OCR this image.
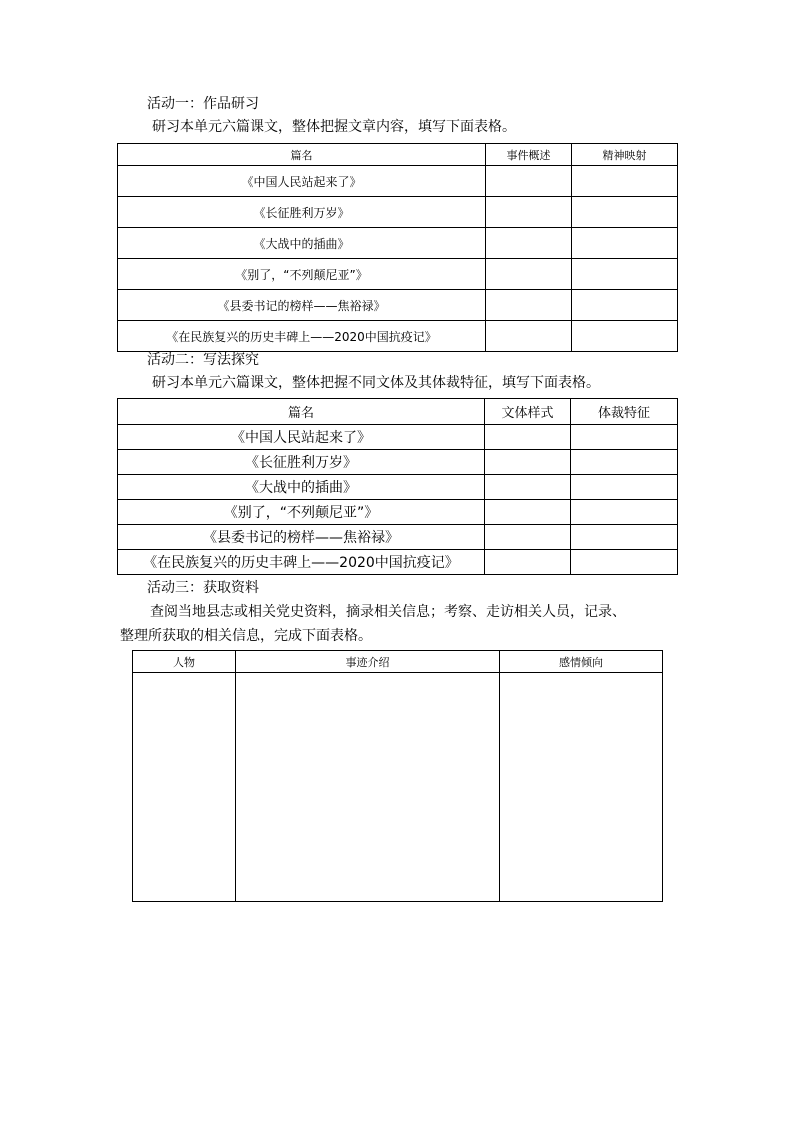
活动一：作品研习
研习本单元六篇课文，整体把握文章内容，填写下面表格。
篇名	事件概述	精神映射
《中国人民站起来了》		
《长征胜利万岁》		
《大战中的插曲》		
《别了，“不列颠尼亚”》		
《县委书记的榜样——焦裕禄》		
《在民族复兴的历史丰碑上——2020中国抗疫记》		
活动二：写法探究
研习本单元六篇课文，整体把握不同文体及其体裁特征，填写下面表格。
篇名	文体样式	体裁特征
《中国人民站起来了》		
《长征胜利万岁》		
《大战中的插曲》		
《别了，“不列颠尼亚”》		
《县委书记的榜样——焦裕禄》		
《在民族复兴的历史丰碑上——2020中国抗疫记》		
活动三：获取资料
查阅当地县志或相关党史资料，摘录相关信息；考察、走访相关人员，记录、
整理所获取的相关信息，完成下面表格。
人物	事迹介绍	感情倾向
